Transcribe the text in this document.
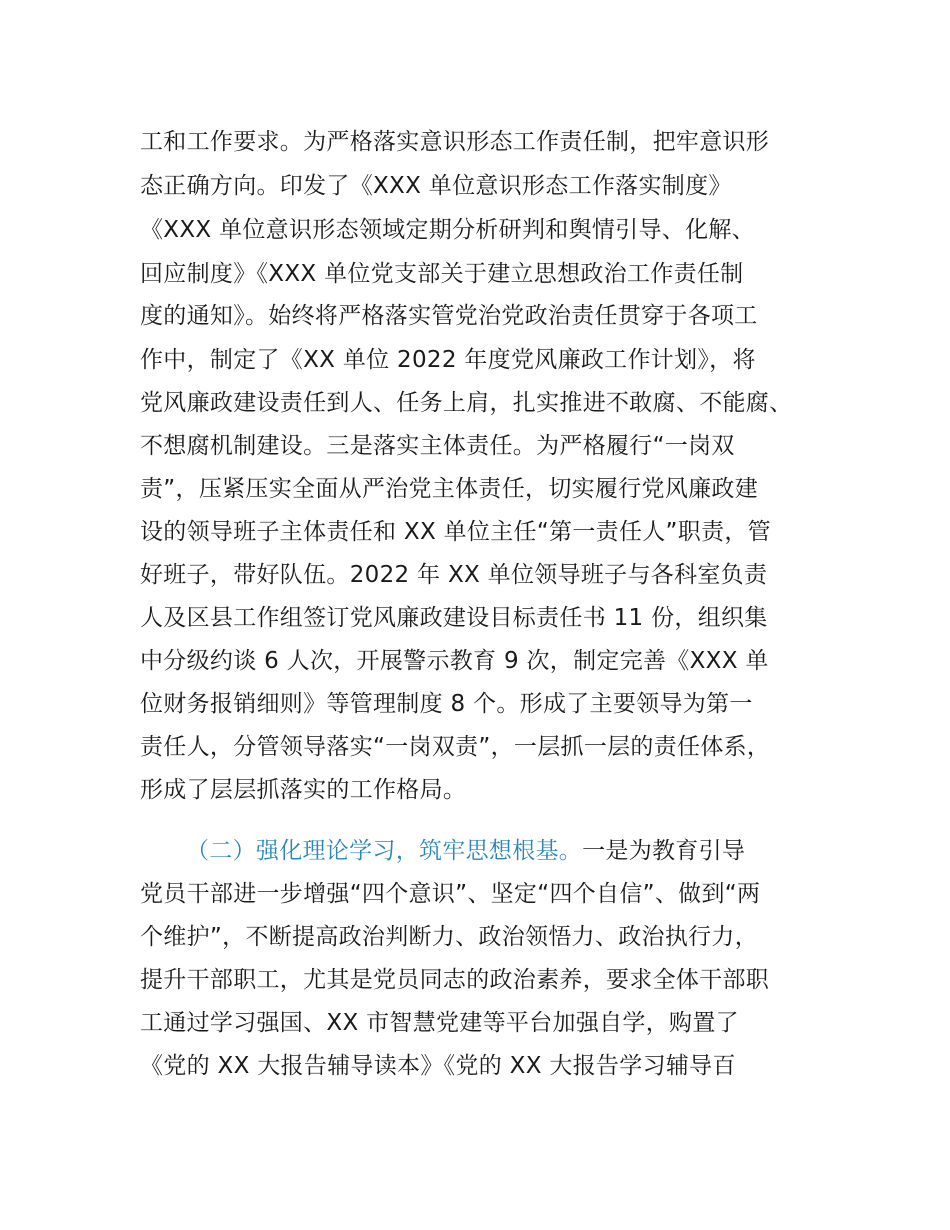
工和工作要求。为严格落实意识形态工作责任制，把牢意识形
态正确方向。印发了《XXX 单位意识形态工作落实制度》
《XXX 单位意识形态领域定期分析研判和舆情引导、化解、
回应制度》《XXX 单位党支部关于建立思想政治工作责任制
度的通知》。始终将严格落实管党治党政治责任贯穿于各项工
作中，制定了《XX 单位 2022 年度党风廉政工作计划》，将
党风廉政建设责任到人、任务上肩，扎实推进不敢腐、不能腐、
不想腐机制建设。三是落实主体责任。为严格履行“一岗双
责”，压紧压实全面从严治党主体责任，切实履行党风廉政建
设的领导班子主体责任和 XX 单位主任“第一责任人”职责，管
好班子，带好队伍。2022 年 XX 单位领导班子与各科室负责
人及区县工作组签订党风廉政建设目标责任书 11 份，组织集
中分级约谈 6 人次，开展警示教育 9 次，制定完善《XXX 单
位财务报销细则》等管理制度 8 个。形成了主要领导为第一
责任人，分管领导落实“一岗双责”，一层抓一层的责任体系，
形成了层层抓落实的工作格局。
（二）强化理论学习，筑牢思想根基。一是为教育引导
党员干部进一步增强“四个意识”、坚定“四个自信”、做到“两
个维护”，不断提高政治判断力、政治领悟力、政治执行力，
提升干部职工，尤其是党员同志的政治素养，要求全体干部职
工通过学习强国、XX 市智慧党建等平台加强自学，购置了
《党的 XX 大报告辅导读本》《党的 XX 大报告学习辅导百
